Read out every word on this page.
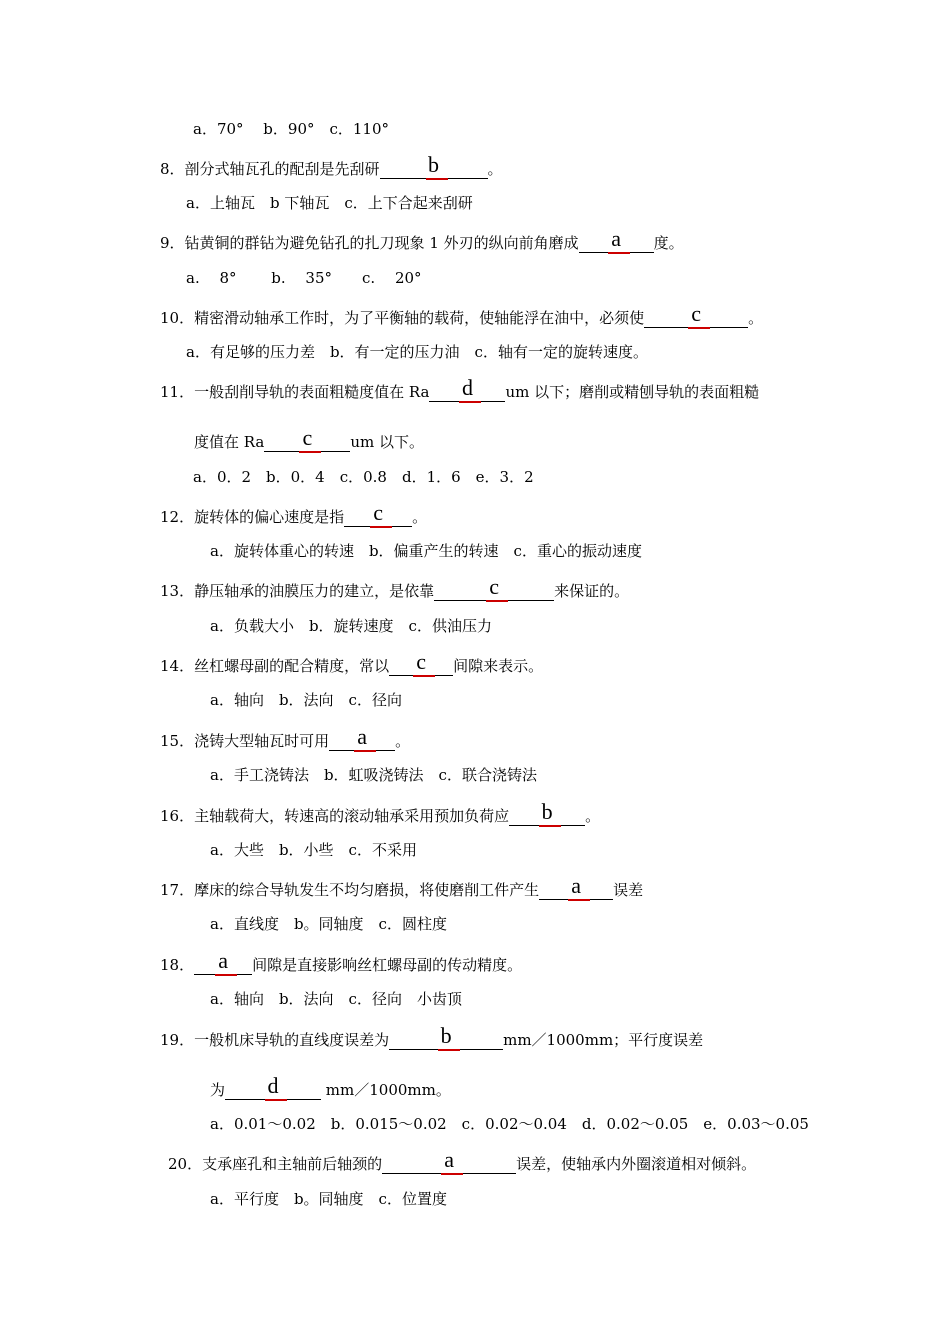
a．70°　 b．90°　c．110°
8．剖分式轴瓦孔的配刮是先刮研	b	。
a．上轴瓦　b 下轴瓦　c．上下合起来刮研
9．钻黄铜的群钻为避免钻孔的扎刀现象 1 外刃的纵向前角磨成	a	度。
a.　 8°　　 b.　 35°　　c.　 20°
10．精密滑动轴承工作时，为了平衡轴的载荷，使轴能浮在油中，必须使	c	。
a．有足够的压力差　b．有一定的压力油　c．轴有一定的旋转速度。
11．一般刮削导轨的表面粗糙度值在 Ra	d	um 以下；磨削或精刨导轨的表面粗糙
度值在 Ra	c	um 以下。
a．0．2　b．0．4　c．0.8　d．1．6　e．3．2
12．旋转体的偏心速度是指	c	。
a．旋转体重心的转速　b．偏重产生的转速　c．重心的振动速度
13．静压轴承的油膜压力的建立，是依靠	c	来保证的。
a．负载大小　b．旋转速度　c．供油压力
14．丝杠螺母副的配合精度，常以	c	间隙来表示。
a．轴向　b．法向　c．径向
15．浇铸大型轴瓦时可用	a	。
a．手工浇铸法　b．虹吸浇铸法　c．联合浇铸法
16．主轴载荷大，转速高的滚动轴承采用预加负荷应	b	。
a．大些　b．小些　c．不采用
17．摩床的综合导轨发生不均匀磨损，将使磨削工件产生	a	误差
a．直线度　b。同轴度　c．圆柱度
18．	a	间隙是直接影响丝杠螺母副的传动精度。
a．轴向　b．法向　c．径向　小齿顶
19．一般机床导轨的直线度误差为	b	mm／1000mm；平行度误差
为	d	mm／1000mm。
a．0.01～0.02　b．0.015～0.02　c．0.02～0.04　d．0.02～0.05　e．0.03～0.05
20．支承座孔和主轴前后轴颈的	a	误差，使轴承内外圈滚道相对倾斜。
a．平行度　b。同轴度　c．位置度
